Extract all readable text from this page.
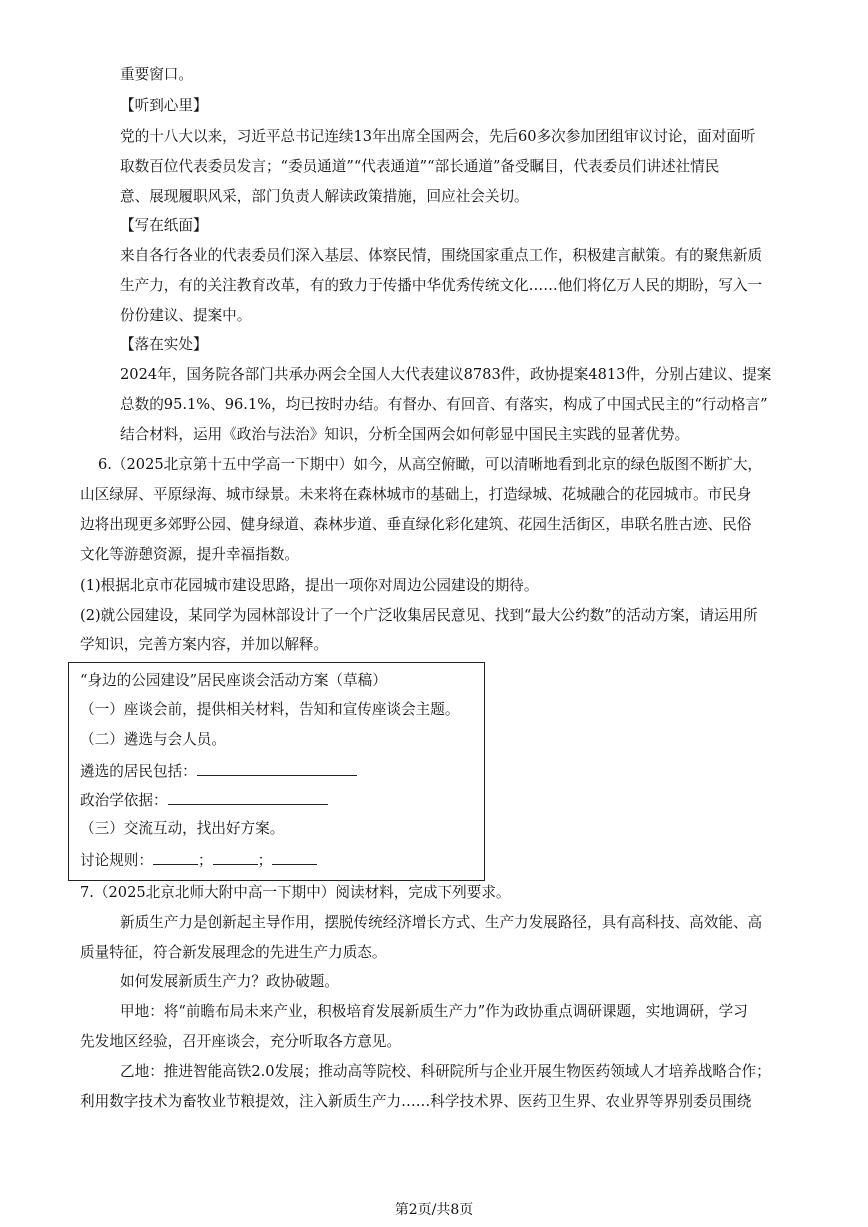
重要窗口。
【听到心里】
党的十八大以来，习近平总书记连续13年出席全国两会，先后60多次参加团组审议讨论，面对面听
取数百位代表委员发言；“委员通道”“代表通道”“部长通道”备受瞩目，代表委员们讲述社情民
意、展现履职风采，部门负责人解读政策措施，回应社会关切。
【写在纸面】
来自各行各业的代表委员们深入基层、体察民情，围绕国家重点工作，积极建言献策。有的聚焦新质
生产力，有的关注教育改革，有的致力于传播中华优秀传统文化……他们将亿万人民的期盼，写入一
份份建议、提案中。
【落在实处】
2024年，国务院各部门共承办两会全国人大代表建议8783件，政协提案4813件，分别占建议、提案
总数的95.1%、96.1%，均已按时办结。有督办、有回音、有落实，构成了中国式民主的“行动格言”
结合材料，运用《政治与法治》知识，分析全国两会如何彰显中国民主实践的显著优势。
6.（2025北京第十五中学高一下期中）如今，从高空俯瞰，可以清晰地看到北京的绿色版图不断扩大，
山区绿屏、平原绿海、城市绿景。未来将在森林城市的基础上，打造绿城、花城融合的花园城市。市民身
边将出现更多郊野公园、健身绿道、森林步道、垂直绿化彩化建筑、花园生活街区，串联名胜古迹、民俗
文化等游憩资源，提升幸福指数。
(1)根据北京市花园城市建设思路，提出一项你对周边公园建设的期待。
(2)就公园建设，某同学为园林部设计了一个广泛收集居民意见、找到“最大公约数”的活动方案，请运用所
学知识，完善方案内容，并加以解释。
“身边的公园建设”居民座谈会活动方案（草稿）
（一）座谈会前，提供相关材料，告知和宣传座谈会主题。
（二）遴选与会人员。
遴选的居民包括：
政治学依据：
（三）交流互动，找出好方案。
讨论规则：	；	；
7.（2025北京北师大附中高一下期中）阅读材料，完成下列要求。
新质生产力是创新起主导作用，摆脱传统经济增长方式、生产力发展路径，具有高科技、高效能、高
质量特征，符合新发展理念的先进生产力质态。
如何发展新质生产力？政协破题。
甲地：将“前瞻布局未来产业，积极培育发展新质生产力”作为政协重点调研课题，实地调研，学习
先发地区经验，召开座谈会，充分听取各方意见。
乙地：推进智能高铁2.0发展；推动高等院校、科研院所与企业开展生物医药领域人才培养战略合作；
利用数字技术为畜牧业节粮提效，注入新质生产力……科学技术界、医药卫生界、农业界等界别委员围绕
第2页/共8页
